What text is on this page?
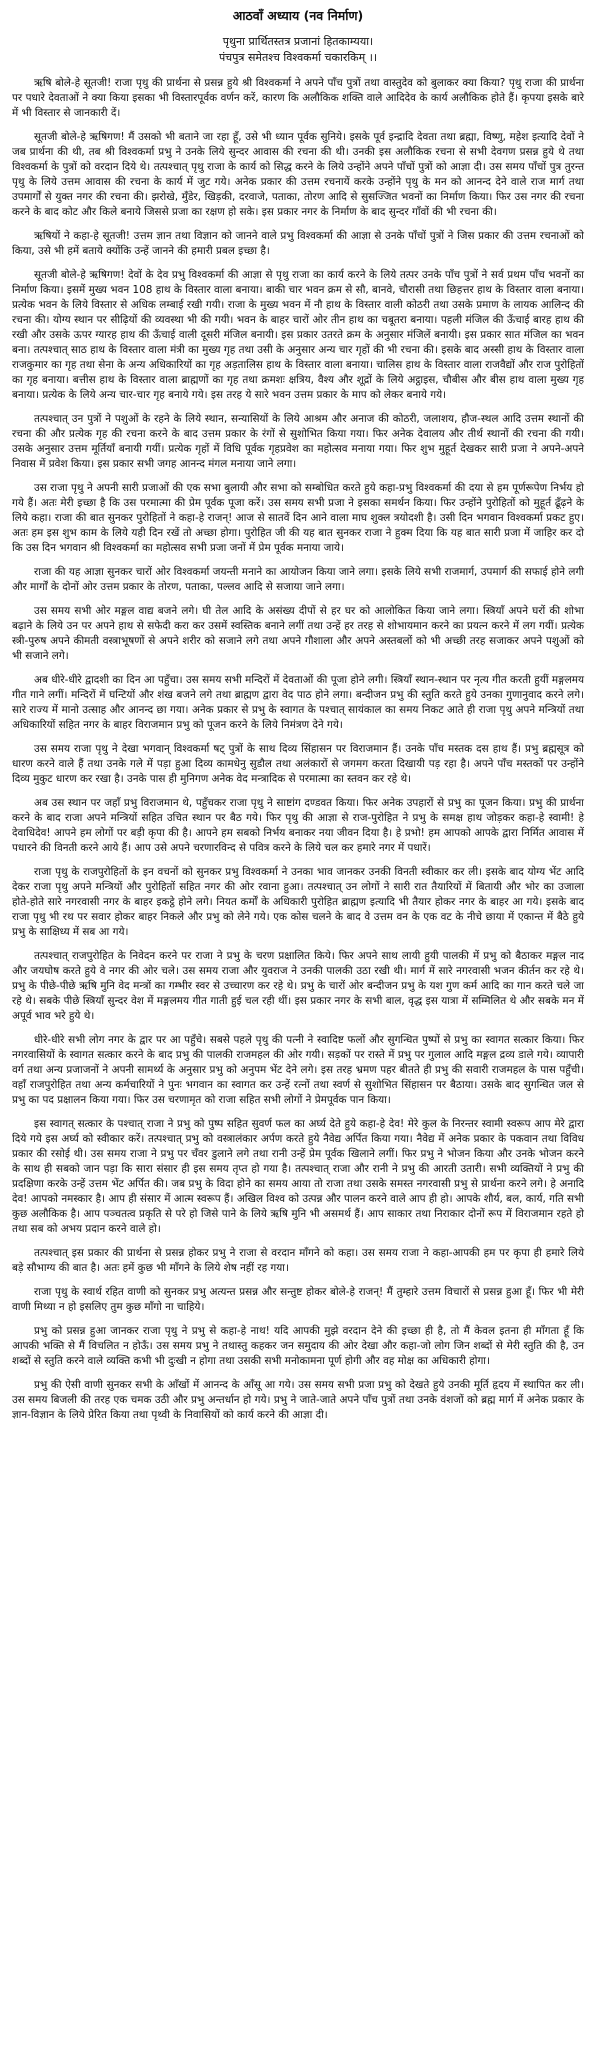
आठवाँ अध्याय (नव निर्माण)
पृथुना प्रार्थितस्तत्र प्रजानां हितकाम्यया।
पंचपुत्र समेतश्च विश्वकर्मा चकारकिम् ।।

ऋषि बोले-हे सूतजी! राजा पृथु की प्रार्थना से प्रसन्न हुये श्री विश्वकर्मा ने अपने पाँच पुत्रों तथा वास्तुदेव को बुलाकर क्या किया? पृथु राजा की प्रार्थना पर पधारे देवताओं ने क्या किया इसका भी विस्तारपूर्वक वर्णन करें, कारण कि अलौकिक शक्ति वाले आदिदेव के कार्य अलौकिक होते हैं। कृपया इसके बारे में भी विस्तार से जानकारी दें।

सूतजी बोले-हे ऋषिगण! मैं उसको भी बताने जा रहा हूँ, उसे भी ध्यान पूर्वक सुनिये। इसके पूर्व इन्द्रादि देवता तथा ब्रह्मा, विष्णु, महेश इत्यादि देवों ने जब प्रार्थना की थी, तब श्री विश्वकर्मा प्रभु ने उनके लिये सुन्दर आवास की रचना की थी। उनकी इस अलौकिक रचना से सभी देवगण प्रसन्न हुये थे तथा विश्वकर्मा के पुत्रों को वरदान दिये थे। तत्पश्चात् पृथु राजा के कार्य को सिद्ध करने के लिये उन्होंने अपने पाँचों पुत्रों को आज्ञा दी। उस समय पाँचों पुत्र तुरन्त पृथु के लिये उत्तम आवास की रचना के कार्य में जुट गये। अनेक प्रकार की उत्तम रचनायें करके उन्होंने पृथु के मन को आनन्द देने वाले राज मार्ग तथा उपमार्गों से युक्त नगर की रचना की। झरोखे, मुँडेर, खिड़की, दरवाजे, पताका, तोरण आदि से सुसज्जित भवनों का निर्माण किया। फिर उस नगर की रचना करने के बाद कोट और किले बनाये जिससे प्रजा का रक्षण हो सके। इस प्रकार नगर के निर्माण के बाद सुन्दर गाँवों की भी रचना की।

ऋषियों ने कहा-हे सूतजी! उत्तम ज्ञान तथा विज्ञान को जानने वाले प्रभु विश्वकर्मा की आज्ञा से उनके पाँचों पुत्रों ने जिस प्रकार की उत्तम रचनाओं को किया, उसे भी हमें बताये क्योंकि उन्हें जानने की हमारी प्रबल इच्छा है।

सूतजी बोले-हे ऋषिगण! देवों के देव प्रभु विश्वकर्मा की आज्ञा से पृथु राजा का कार्य करने के लिये तत्पर उनके पाँच पुत्रों ने सर्व प्रथम पाँच भवनों का निर्माण किया। इसमें मुख्य भवन 108 हाथ के विस्तार वाला बनाया। बाकी चार भवन क्रम से सौ, बानवे, चौरासी तथा छिहत्तर हाथ के विस्तार वाला बनाया। प्रत्येक भवन के लिये विस्तार से अधिक लम्बाई रखी गयी। राजा के मुख्य भवन में नौ हाथ के विस्तार वाली कोठरी तथा उसके प्रमाण के लायक आलिन्द की रचना की। योग्य स्थान पर सीढ़ियों की व्यवस्था भी की गयी। भवन के बाहर चारों ओर तीन हाथ का चबूतरा बनाया। पहली मंजिल की ऊँचाई बारह हाथ की रखी और उसके ऊपर ग्यारह हाथ की ऊँचाई वाली दूसरी मंजिल बनायी। इस प्रकार उतरते क्रम के अनुसार मंजिलें बनायी। इस प्रकार सात मंजिल का भवन बना। तत्पश्चात् साठ हाथ के विस्तार वाला मंत्री का मुख्य गृह तथा उसी के अनुसार अन्य चार गृहों की भी रचना की। इसके बाद अस्सी हाथ के विस्तार वाला राजकुमार का गृह तथा सेना के अन्य अधिकारियों का गृह अड़तालिस हाथ के विस्तार वाला बनाया। चालिस हाथ के विस्तार वाला राजवैद्यों और राज पुरोहितों का गृह बनाया। बत्तीस हाथ के विस्तार वाला ब्राह्मणों का गृह तथा क्रमशः क्षत्रिय, वैश्य और शूद्रों के लिये अट्ठाइस, चौबीस और बीस हाथ वाला मुख्य गृह बनाया। प्रत्येक के लिये अन्य चार-चार गृह बनाये गये। इस तरह ये सारे भवन उत्तम प्रकार के माप को लेकर बनाये गये।

तत्पश्चात् उन पुत्रों ने पशुओं के रहने के लिये स्थान, सन्यासियों के लिये आश्रम और अनाज की कोठरी, जलाशय, हौज-स्थल आदि उत्तम स्थानों की रचना की और प्रत्येक गृह की रचना करने के बाद उत्तम प्रकार के रंगों से सुशोभित किया गया। फिर अनेक देवालय और तीर्थ स्थानों की रचना की गयी। उसके अनुसार उत्तम मूर्तियाँ बनायी गयीं। प्रत्येक गृहों में विधि पूर्वक गृहप्रवेश का महोत्सव मनाया गया। फिर शुभ मुहूर्त देखकर सारी प्रजा ने अपने-अपने निवास में प्रवेश किया। इस प्रकार सभी जगह आनन्द मंगल मनाया जाने लगा।

उस राजा पृथु ने अपनी सारी प्रजाओं की एक सभा बुलायी और सभा को सम्बोधित करते हुये कहा-प्रभु विश्वकर्मा की दया से हम पूर्णरूपेण निर्भय हो गये हैं। अतः मेरी इच्छा है कि उस परमात्मा की प्रेम पूर्वक पूजा करें। उस समय सभी प्रजा ने इसका समर्थन किया। फिर उन्होंने पुरोहितों को मुहूर्त ढूँढ़ने के लिये कहा। राजा की बात सुनकर पुरोहितों ने कहा-हे राजन्! आज से सातवें दिन आने वाला माघ शुक्ल त्रयोदशी है। उसी दिन भगवान विश्वकर्मा प्रकट हुए। अतः हम इस शुभ काम के लिये यही दिन रखें तो अच्छा होगा। पुरोहित जी की यह बात सुनकर राजा ने हुक्म दिया कि यह बात सारी प्रजा में जाहिर कर दो कि उस दिन भगवान श्री विश्वकर्मा का महोत्सव सभी प्रजा जनों में प्रेम पूर्वक मनाया जाये।

राजा की यह आज्ञा सुनकर चारों ओर विश्वकर्मा जयन्ती मनाने का आयोजन किया जाने लगा। इसके लिये सभी राजमार्ग, उपमार्ग की सफाई होने लगी और मार्गों के दोनों ओर उत्तम प्रकार के तोरण, पताका, पल्लव आदि से सजाया जाने लगा।

उस समय सभी ओर मङ्गल वाद्य बजने लगे। घी तेल आदि के असंख्य दीपों से हर घर को आलोकित किया जाने लगा। स्त्रियाँ अपने घरों की शोभा बढ़ाने के लिये उन पर अपने हाथ से सफेदी करा कर उसमें स्वस्तिक बनाने लगीं तथा उन्हें हर तरह से शोभायमान करने का प्रयत्न करने में लग गयीं। प्रत्येक स्त्री-पुरुष अपने कीमती वस्त्राभूषणों से अपने शरीर को सजाने लगे तथा अपने गौशाला और अपने अस्तबलों को भी अच्छी तरह सजाकर अपने पशुओं को भी सजाने लगे।

अब धीरे-धीरे द्वादशी का दिन आ पहुँचा। उस समय सभी मन्दिरों में देवताओं की पूजा होने लगी। स्त्रियाँ स्थान-स्थान पर नृत्य गीत करती हुयीं मङ्गलमय गीत गाने लगीं। मन्दिरों में घन्टियों और शंख बजने लगे तथा ब्राह्मण द्वारा वेद पाठ होने लगा। बन्दीजन प्रभु की स्तुति करते हुये उनका गुणानुवाद करने लगे। सारे राज्य में मानो उत्साह और आनन्द छा गया। अनेक प्रकार से प्रभु के स्वागत के पश्चात् सायंकाल का समय निकट आते ही राजा पृथु अपने मन्त्रियों तथा अधिकारियों सहित नगर के बाहर विराजमान प्रभु को पूजन करने के लिये निमंत्रण देने गये।

उस समय राजा पृथु ने देखा भगवान् विश्वकर्मा षट् पुत्रों के साथ दिव्य सिंहासन पर विराजमान हैं। उनके पाँच मस्तक दस हाथ हैं। प्रभु ब्रह्मसूत्र को धारण करने वाले हैं तथा उनके गले में पड़ा हुआ दिव्य कामधेनु सुडौल तथा अलंकारों से जगमग करता दिखायी पड़ रहा है। अपने पाँच मस्तकों पर उन्होंने दिव्य मुकुट धारण कर रखा है। उनके पास ही मुनिगण अनेक वेद मन्त्रादिक से परमात्मा का स्तवन कर रहे थे।

अब उस स्थान पर जहाँ प्रभु विराजमान थे, पहुँचकर राजा पृथु ने साष्टांग दण्डवत किया। फिर अनेक उपहारों से प्रभु का पूजन किया। प्रभु की प्रार्थना करने के बाद राजा अपने मन्त्रियों सहित उचित स्थान पर बैठ गये। फिर पृथु की आज्ञा से राज-पुरोहित ने प्रभु के समक्ष हाथ जोड़कर कहा-हे स्वामी! हे देवाधिदेव! आपने हम लोगों पर बड़ी कृपा की है। आपने हम सबको निर्भय बनाकर नया जीवन दिया है। हे प्रभो! हम आपको आपके द्वारा निर्मित आवास में पधारने की विनती करने आये हैं। आप उसे अपने चरणारविन्द से पवित्र करने के लिये चल कर हमारे नगर में पधारें।

राजा पृथु के राजपुरोहितों के इन वचनों को सुनकर प्रभु विश्वकर्मा ने उनका भाव जानकर उनकी विनती स्वीकार कर ली। इसके बाद योग्य भेंट आदि देकर राजा पृथु अपने मन्त्रियों और पुरोहितों सहित नगर की ओर रवाना हुआ। तत्पश्चात् उन लोगों ने सारी रात तैयारियों में बितायी और भोर का उजाला होते-होते सारे नगरवासी नगर के बाहर इकट्ठे होने लगे। नियत कर्मों के अधिकारी पुरोहित ब्राह्मण इत्यादि भी तैयार होकर नगर के बाहर आ गये। इसके बाद राजा पृथु भी रथ पर सवार होकर बाहर निकले और प्रभु को लेने गये। एक कोस चलने के बाद वे उत्तम वन के एक वट के नीचे छाया में एकान्त में बैठे हुये प्रभु के साक्षिध्य में सब आ गये।

तत्पश्चात् राजपुरोहित के निवेदन करने पर राजा ने प्रभु के चरण प्रक्षालित किये। फिर अपने साथ लायी हुयी पालकी में प्रभु को बैठाकर मङ्गल नाद और जयघोष करते हुये वे नगर की ओर चले। उस समय राजा और युवराज ने उनकी पालकी उठा रखी थी। मार्ग में सारे नगरवासी भजन कीर्तन कर रहे थे। प्रभु के पीछे-पीछे ऋषि मुनि वेद मन्त्रों का गम्भीर स्वर से उच्चारण कर रहे थे। प्रभु के चारों ओर बन्दीजन प्रभु के यश गुण कर्म आदि का गान करते चले जा रहे थे। सबके पीछे स्त्रियाँ सुन्दर वेश में मङ्गलमय गीत गाती हुई चल रही थीं। इस प्रकार नगर के सभी बाल, वृद्ध इस यात्रा में सम्मिलित थे और सबके मन में अपूर्व भाव भरे हुये थे।

धीरे-धीरे सभी लोग नगर के द्वार पर आ पहुँचे। सबसे पहले पृथु की पत्नी ने स्वादिष्ट फलों और सुगन्धित पुष्पों से प्रभु का स्वागत सत्कार किया। फिर नगरवासियों के स्वागत सत्कार करने के बाद प्रभु की पालकी राजमहल की ओर गयी। सड़कों पर रास्ते में प्रभु पर गुलाल आदि मङ्गल द्रव्य डाले गये। व्यापारी वर्ग तथा अन्य प्रजाजनों ने अपनी सामर्थ्य के अनुसार प्रभु को अनुपम भेंट देने लगे। इस तरह भ्रमण पहर बीतते ही प्रभु की सवारी राजमहल के पास पहुँची। वहाँ राजपुरोहित तथा अन्य कर्मचारियों ने पुनः भगवान का स्वागत कर उन्हें रत्नों तथा स्वर्ण से सुशोभित सिंहासन पर बैठाया। उसके बाद सुगन्धित जल से प्रभु का पद प्रक्षालन किया गया। फिर उस चरणामृत को राजा सहित सभी लोगों ने प्रेमपूर्वक पान किया।

इस स्वागत् सत्कार के पश्चात् राजा ने प्रभु को पुष्प सहित सुवर्ण फल का अर्घ्य देते हुये कहा-हे देव! मेरे कुल के निरन्तर स्वामी स्वरूप आप मेरे द्वारा दिये गये इस अर्घ्य को स्वीकार करें। तत्पश्चात् प्रभु को वस्त्रालंकार अर्पण करते हुये नैवेद्य अर्पित किया गया। नैवेद्य में अनेक प्रकार के पकवान तथा विविध प्रकार की रसोई थी। उस समय राजा ने प्रभु पर चँवर डुलाने लगे तथा रानी उन्हें प्रेम पूर्वक खिलाने लगीं। फिर प्रभु ने भोजन किया और उनके भोजन करने के साथ ही सबको जान पड़ा कि सारा संसार ही इस समय तृप्त हो गया है। तत्पश्चात् राजा और रानी ने प्रभु की आरती उतारी। सभी व्यक्तियों ने प्रभु की प्रदक्षिणा करके उन्हें उत्तम भेंट अर्पित की। जब प्रभु के विदा होने का समय आया तो राजा तथा उसके समस्त नगरवासी प्रभु से प्रार्थना करने लगे। हे अनादि देव! आपको नमस्कार है। आप ही संसार में आत्म स्वरूप हैं। अखिल विश्व को उत्पन्न और पालन करने वाले आप ही हो। आपके शौर्य, बल, कार्य, गति सभी कुछ अलौकिक है। आप पञ्चतत्व प्रकृति से परे हो जिसे पाने के लिये ऋषि मुनि भी असमर्थ हैं। आप साकार तथा निराकार दोनों रूप में विराजमान रहते हो तथा सब को अभय प्रदान करने वाले हो।

तत्पश्चात् इस प्रकार की प्रार्थना से प्रसन्न होकर प्रभु ने राजा से वरदान माँगने को कहा। उस समय राजा ने कहा-आपकी हम पर कृपा ही हमारे लिये बड़े सौभाग्य की बात है। अतः हमें कुछ भी माँगने के लिये शेष नहीं रह गया।

राजा पृथु के स्वार्थ रहित वाणी को सुनकर प्रभु अत्यन्त प्रसन्न और सन्तुष्ट होकर बोले-हे राजन्! मैं तुम्हारे उत्तम विचारों से प्रसन्न हुआ हूँ। फिर भी मेरी वाणी मिथ्या न हो इसलिए तुम कुछ माँगो ना चाहिये।

प्रभु को प्रसन्न हुआ जानकर राजा पृथु ने प्रभु से कहा-हे नाथ! यदि आपकी मुझे वरदान देने की इच्छा ही है, तो मैं केवल इतना ही माँगता हूँ कि आपकी भक्ति से मैं विचलित न होऊँ। उस समय प्रभु ने तथास्तु कहकर जन समुदाय की ओर देखा और कहा-जो लोग जिन शब्दों से मेरी स्तुति की है, उन शब्दों से स्तुति करने वाले व्यक्ति कभी भी दुःखी न होगा तथा उसकी सभी मनोकामना पूर्ण होगी और वह मोक्ष का अधिकारी होगा।

प्रभु की ऐसी वाणी सुनकर सभी के आँखों में आनन्द के आँसू आ गये। उस समय सभी प्रजा प्रभु को देखते हुये उनकी मूर्ति हृदय में स्थापित कर ली। उस समय बिजली की तरह एक चमक उठी और प्रभु अन्तर्धान हो गये। प्रभु ने जाते-जाते अपने पाँच पुत्रों तथा उनके वंशजों को ब्रह्म मार्ग में अनेक प्रकार के ज्ञान-विज्ञान के लिये प्रेरित किया तथा पृथ्वी के निवासियों को कार्य करने की आज्ञा दी।
